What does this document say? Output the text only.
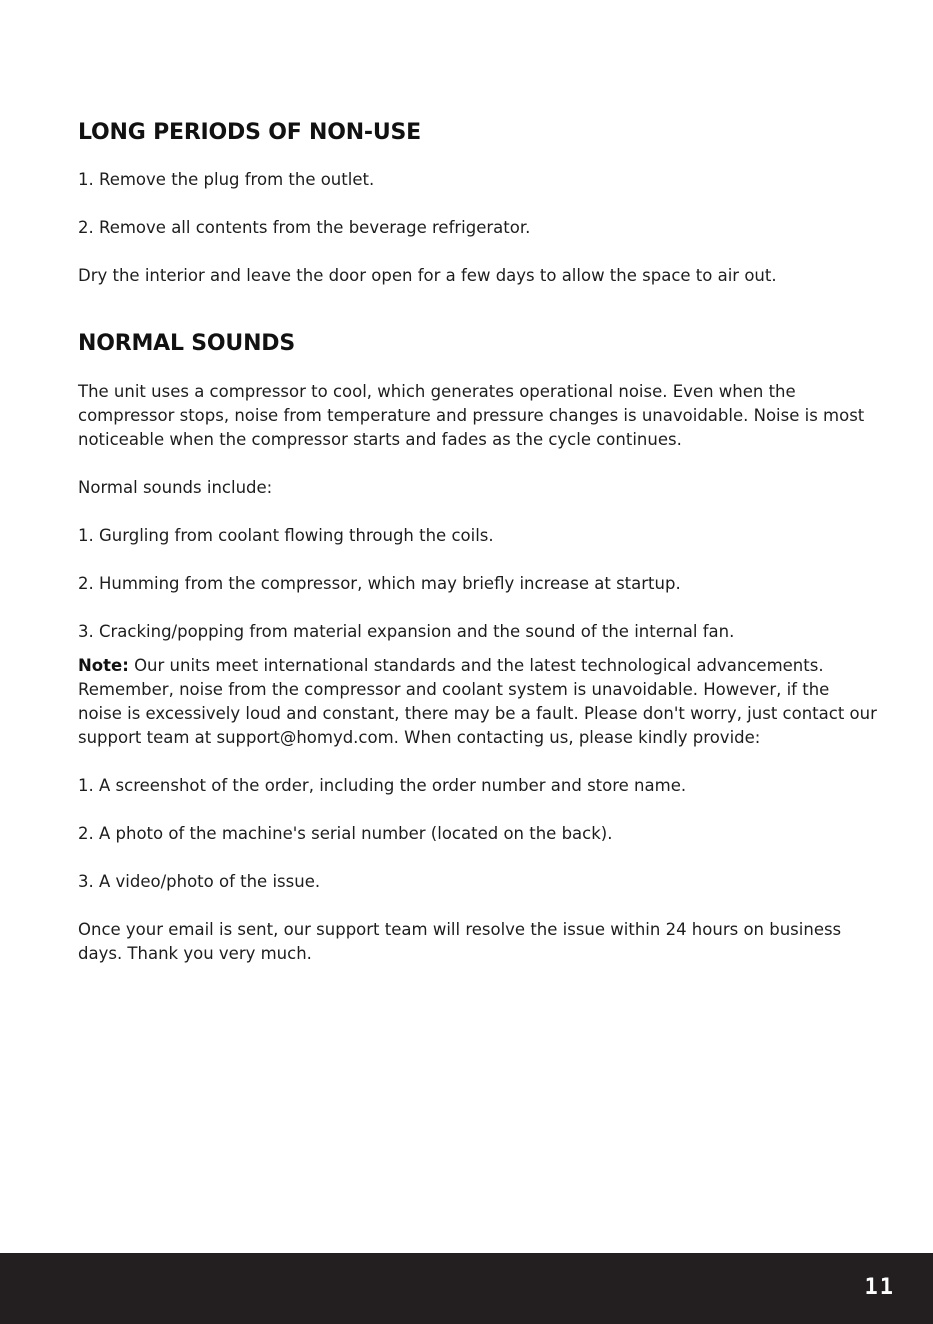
LONG PERIODS OF NON-USE

1. Remove the plug from the outlet.

2. Remove all contents from the beverage refrigerator.

Dry the interior and leave the door open for a few days to allow the space to air out.

NORMAL SOUNDS

The unit uses a compressor to cool, which generates operational noise. Even when the compressor stops, noise from temperature and pressure changes is unavoidable. Noise is most noticeable when the compressor starts and fades as the cycle continues.

Normal sounds include:

1. Gurgling from coolant flowing through the coils.

2. Humming from the compressor, which may briefly increase at startup.

3. Cracking/popping from material expansion and the sound of the internal fan.

Note: Our units meet international standards and the latest technological advancements. Remember, noise from the compressor and coolant system is unavoidable. However, if the noise is excessively loud and constant, there may be a fault. Please don't worry, just contact our support team at support@homyd.com. When contacting us, please kindly provide:

1. A screenshot of the order, including the order number and store name.

2. A photo of the machine's serial number (located on the back).

3. A video/photo of the issue.

Once your email is sent, our support team will resolve the issue within 24 hours on business days. Thank you very much.

11
